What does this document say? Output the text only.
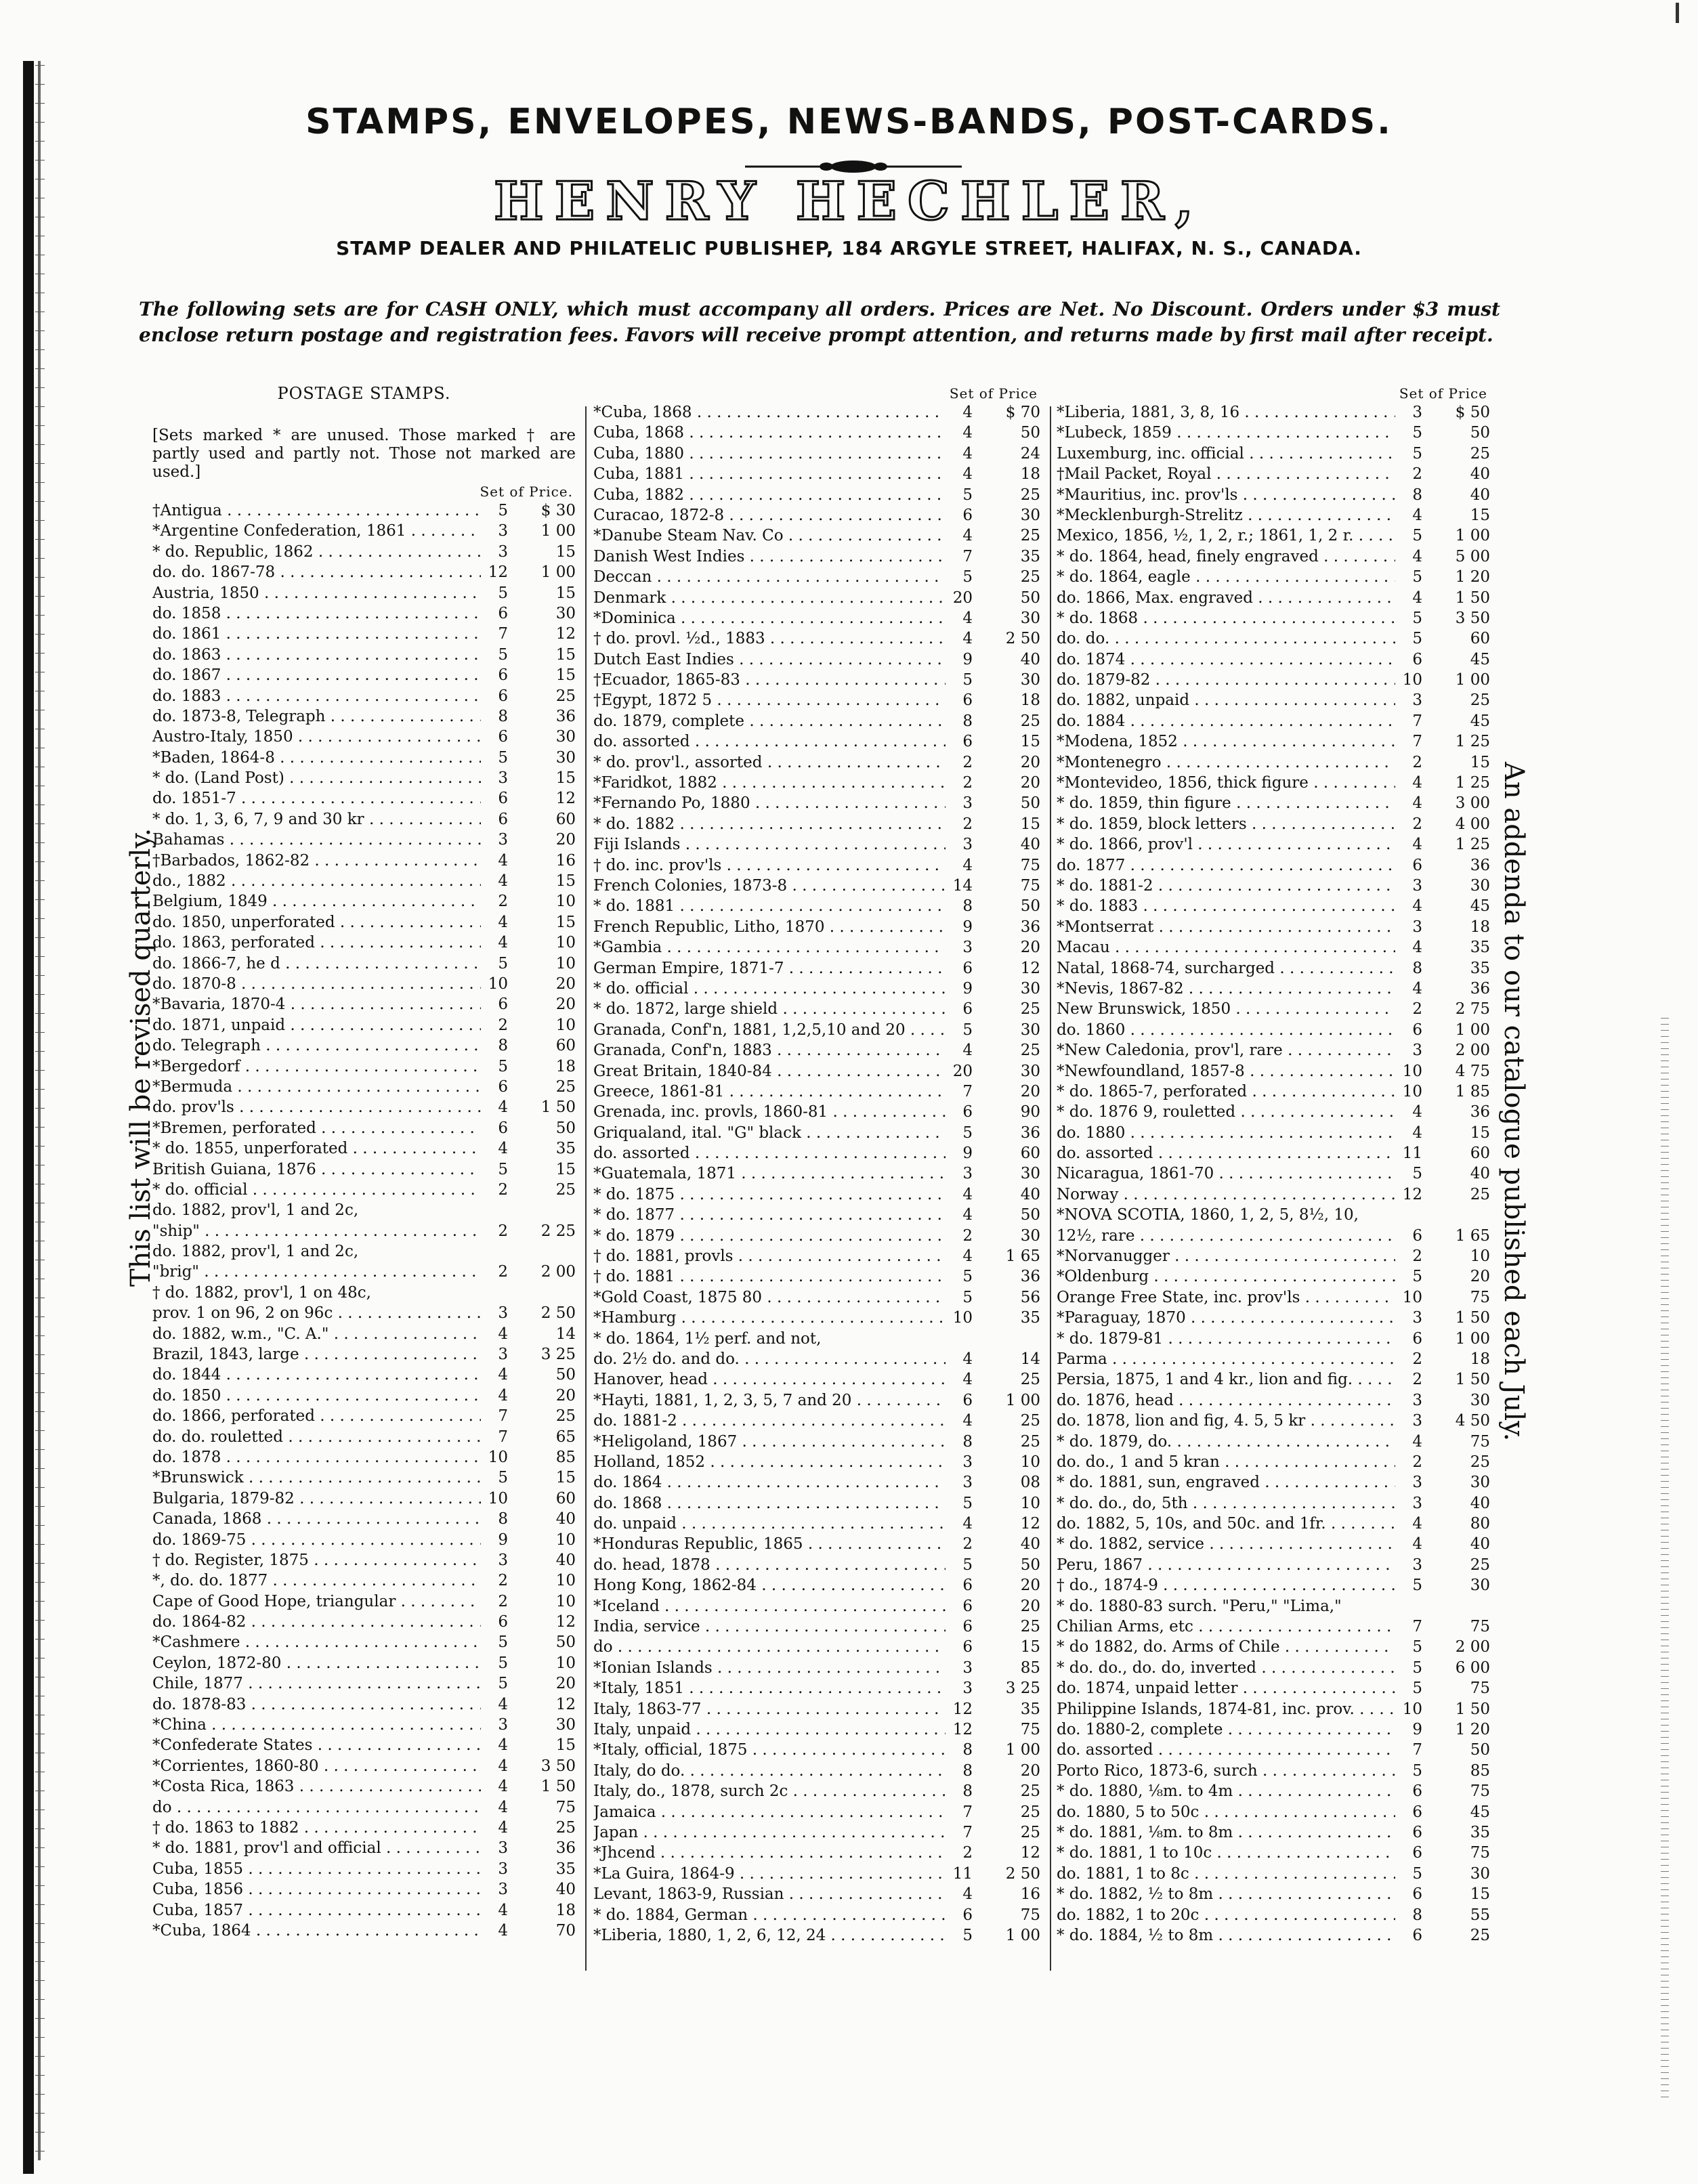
STAMPS, ENVELOPES, NEWS-BANDS, POST-CARDS.
HENRY HECHLER,
STAMP DEALER AND PHILATELIC PUBLISHEP, 184 ARGYLE STREET, HALIFAX, N. S., CANADA.
The following sets are for CASH ONLY, which must accompany all orders. Prices are Net. No Discount. Orders under $3 must enclose return postage and registration fees. Favors will receive prompt attention, and returns made by first mail after receipt.
This list will be revised quarterly.	An addenda to our catalogue published each July.
POSTAGE STAMPS.
[Sets marked * are unused. Those marked † are partly used and partly not. Those not marked are used.]
Set of Price.
†Antigua . . .	5	$ 30
*Argentine Confederation, 1861 . . .	3	1 00
* do. Republic, 1862 . . .	3	15
do. do. 1867-78 . . .	12	1 00
Austria, 1850 . . .	5	15
do. 1858 . . .	6	30
do. 1861 . . .	7	12
do. 1863 . . .	5	15
do. 1867 . . .	6	15
do. 1883 . . .	6	25
do. 1873-8, Telegraph . . .	8	36
Austro-Italy, 1850 . . .	6	30
*Baden, 1864-8 . . .	5	30
* do. (Land Post) . . .	3	15
do. 1851-7 . . .	6	12
* do. 1, 3, 6, 7, 9 and 30 kr . . .	6	60
Bahamas . . .	3	20
†Barbados, 1862-82 . . .	4	16
do., 1882 . . .	4	15
Belgium, 1849 . . .	2	10
do. 1850, unperforated . . .	4	15
do. 1863, perforated . . .	4	10
do. 1866-7, he d . . .	5	10
do. 1870-8 . . .	10	20
*Bavaria, 1870-4 . . .	6	20
do. 1871, unpaid . . .	2	10
do. Telegraph . . .	8	60
*Bergedorf . . .	5	18
*Bermuda . . .	6	25
do. prov'ls . . .	4	1 50
*Bremen, perforated . . .	6	50
* do. 1855, unperforated . . .	4	35
British Guiana, 1876 . . .	5	15
* do. official . . .	2	25
do. 1882, prov'l, 1 and 2c,
"ship" . . .	2	2 25
do. 1882, prov'l, 1 and 2c,
"brig" . . .	2	2 00
† do. 1882, prov'l, 1 on 48c,
prov. 1 on 96, 2 on 96c . . .	3	2 50
do. 1882, w.m., "C. A." . . .	4	14
Brazil, 1843, large . . .	3	3 25
do. 1844 . . .	4	50
do. 1850 . . .	4	20
do. 1866, perforated . . .	7	25
do. do. rouletted . . .	7	65
do. 1878 . . .	10	85
*Brunswick . . .	5	15
Bulgaria, 1879-82 . . .	10	60
Canada, 1868 . . .	8	40
do. 1869-75 . . .	9	10
† do. Register, 1875 . . .	3	40
*, do. do. 1877 . . .	2	10
Cape of Good Hope, triangular . . .	2	10
do. 1864-82 . . .	6	12
*Cashmere . . .	5	50
Ceylon, 1872-80 . . .	5	10
Chile, 1877 . . .	5	20
do. 1878-83 . . .	4	12
*China . . .	3	30
*Confederate States . . .	4	15
*Corrientes, 1860-80 . . .	4	3 50
*Costa Rica, 1863 . . .	4	1 50
do . . .	4	75
† do. 1863 to 1882 . . .	4	25
* do. 1881, prov'l and official . . .	3	36
Cuba, 1855 . . .	3	35
Cuba, 1856 . . .	3	40
Cuba, 1857 . . .	4	18
*Cuba, 1864 . . .	4	70
Set of Price
*Cuba, 1868 . . .	4	$ 70
Cuba, 1868 . . .	4	50
Cuba, 1880 . . .	4	24
Cuba, 1881 . . .	4	18
Cuba, 1882 . . .	5	25
Curacao, 1872-8 . . .	6	30
*Danube Steam Nav. Co . . .	4	25
Danish West Indies . . .	7	35
Deccan . . .	5	25
Denmark . . .	20	50
*Dominica . . .	4	30
† do. provl. ½d., 1883 . . .	4	2 50
Dutch East Indies . . .	9	40
†Ecuador, 1865-83 . . .	5	30
†Egypt, 1872 5 . . .	6	18
do. 1879, complete . . .	8	25
do. assorted . . .	6	15
* do. prov'l., assorted . . .	2	20
*Faridkot, 1882 . . .	2	20
*Fernando Po, 1880 . . .	3	50
* do. 1882 . . .	2	15
Fiji Islands . . .	3	40
† do. inc. prov'ls . . .	4	75
French Colonies, 1873-8 . . .	14	75
* do. 1881 . . .	8	50
French Republic, Litho, 1870 . . .	9	36
*Gambia . . .	3	20
German Empire, 1871-7 . . .	6	12
* do. official . . .	9	30
* do. 1872, large shield . . .	6	25
Granada, Conf'n, 1881, 1,2,5,10 and 20 . . .	5	30
Granada, Conf'n, 1883 . . .	4	25
Great Britain, 1840-84 . . .	20	30
Greece, 1861-81 . . .	7	20
Grenada, inc. provls, 1860-81 . . .	6	90
Griqualand, ital. "G" black . . .	5	36
do. assorted . . .	9	60
*Guatemala, 1871 . . .	3	30
* do. 1875 . . .	4	40
* do. 1877 . . .	4	50
* do. 1879 . . .	2	30
† do. 1881, provls . . .	4	1 65
† do. 1881 . . .	5	36
*Gold Coast, 1875 80 . . .	5	56
*Hamburg . . .	10	35
* do. 1864, 1½ perf. and not,
do. 2½ do. and do. . . .	4	14
Hanover, head . . .	4	25
*Hayti, 1881, 1, 2, 3, 5, 7 and 20 . . .	6	1 00
do. 1881-2 . . .	4	25
*Heligoland, 1867 . . .	8	25
Holland, 1852 . . .	3	10
do. 1864 . . .	3	08
do. 1868 . . .	5	10
do. unpaid . . .	4	12
*Honduras Republic, 1865 . . .	2	40
do. head, 1878 . . .	5	50
Hong Kong, 1862-84 . . .	6	20
*Iceland . . .	6	20
India, service . . .	6	25
do . . .	6	15
*Ionian Islands . . .	3	85
*Italy, 1851 . . .	3	3 25
Italy, 1863-77 . . .	12	35
Italy, unpaid . . .	12	75
*Italy, official, 1875 . . .	8	1 00
Italy, do do. . . .	8	20
Italy, do., 1878, surch 2c . . .	8	25
Jamaica . . .	7	25
Japan . . .	7	25
*Jhcend . . .	2	12
*La Guira, 1864-9 . . .	11	2 50
Levant, 1863-9, Russian . . .	4	16
* do. 1884, German . . .	6	75
*Liberia, 1880, 1, 2, 6, 12, 24 . . .	5	1 00
Set of Price
*Liberia, 1881, 3, 8, 16 . . .	3	$ 50
*Lubeck, 1859 . . .	5	50
Luxemburg, inc. official . . .	5	25
†Mail Packet, Royal . . .	2	40
*Mauritius, inc. prov'ls . . .	8	40
*Mecklenburgh-Strelitz . . .	4	15
Mexico, 1856, ½, 1, 2, r.; 1861, 1, 2 r. . . .	5	1 00
* do. 1864, head, finely engraved . . .	4	5 00
* do. 1864, eagle . . .	5	1 20
do. 1866, Max. engraved . . .	4	1 50
* do. 1868 . . .	5	3 50
do. do. . . .	5	60
do. 1874 . . .	6	45
do. 1879-82 . . .	10	1 00
do. 1882, unpaid . . .	3	25
do. 1884 . . .	7	45
*Modena, 1852 . . .	7	1 25
*Montenegro . . .	2	15
*Montevideo, 1856, thick figure . . .	4	1 25
* do. 1859, thin figure . . .	4	3 00
* do. 1859, block letters . . .	2	4 00
* do. 1866, prov'l . . .	4	1 25
do. 1877 . . .	6	36
* do. 1881-2 . . .	3	30
* do. 1883 . . .	4	45
*Montserrat . . .	3	18
Macau . . .	4	35
Natal, 1868-74, surcharged . . .	8	35
*Nevis, 1867-82 . . .	4	36
New Brunswick, 1850 . . .	2	2 75
do. 1860 . . .	6	1 00
*New Caledonia, prov'l, rare . . .	3	2 00
*Newfoundland, 1857-8 . . .	10	4 75
* do. 1865-7, perforated . . .	10	1 85
* do. 1876 9, rouletted . . .	4	36
do. 1880 . . .	4	15
do. assorted . . .	11	60
Nicaragua, 1861-70 . . .	5	40
Norway . . .	12	25
*NOVA SCOTIA, 1860, 1, 2, 5, 8½, 10,
12½, rare . . .	6	1 65
*Norvanugger . . .	2	10
*Oldenburg . . .	5	20
Orange Free State, inc. prov'ls . . .	10	75
*Paraguay, 1870 . . .	3	1 50
* do. 1879-81 . . .	6	1 00
Parma . . .	2	18
Persia, 1875, 1 and 4 kr., lion and fig. . . .	2	1 50
do. 1876, head . . .	3	30
do. 1878, lion and fig, 4. 5, 5 kr . . .	3	4 50
* do. 1879, do. . . .	4	75
do. do., 1 and 5 kran . . .	2	25
* do. 1881, sun, engraved . . .	3	30
* do. do., do, 5th . . .	3	40
do. 1882, 5, 10s, and 50c. and 1fr. . . .	4	80
* do. 1882, service . . .	4	40
Peru, 1867 . . .	3	25
† do., 1874-9 . . .	5	30
* do. 1880-83 surch. "Peru," "Lima,"
Chilian Arms, etc . . .	7	75
* do 1882, do. Arms of Chile . . .	5	2 00
* do. do., do. do, inverted . . .	5	6 00
do. 1874, unpaid letter . . .	5	75
Philippine Islands, 1874-81, inc. prov. . . .	10	1 50
do. 1880-2, complete . . .	9	1 20
do. assorted . . .	7	50
Porto Rico, 1873-6, surch . . .	5	85
* do. 1880, ⅛m. to 4m . . .	6	75
do. 1880, 5 to 50c . . .	6	45
* do. 1881, ⅛m. to 8m . . .	6	35
* do. 1881, 1 to 10c . . .	6	75
do. 1881, 1 to 8c . . .	5	30
* do. 1882, ½ to 8m . . .	6	15
do. 1882, 1 to 20c . . .	8	55
* do. 1884, ½ to 8m . . .	6	25
